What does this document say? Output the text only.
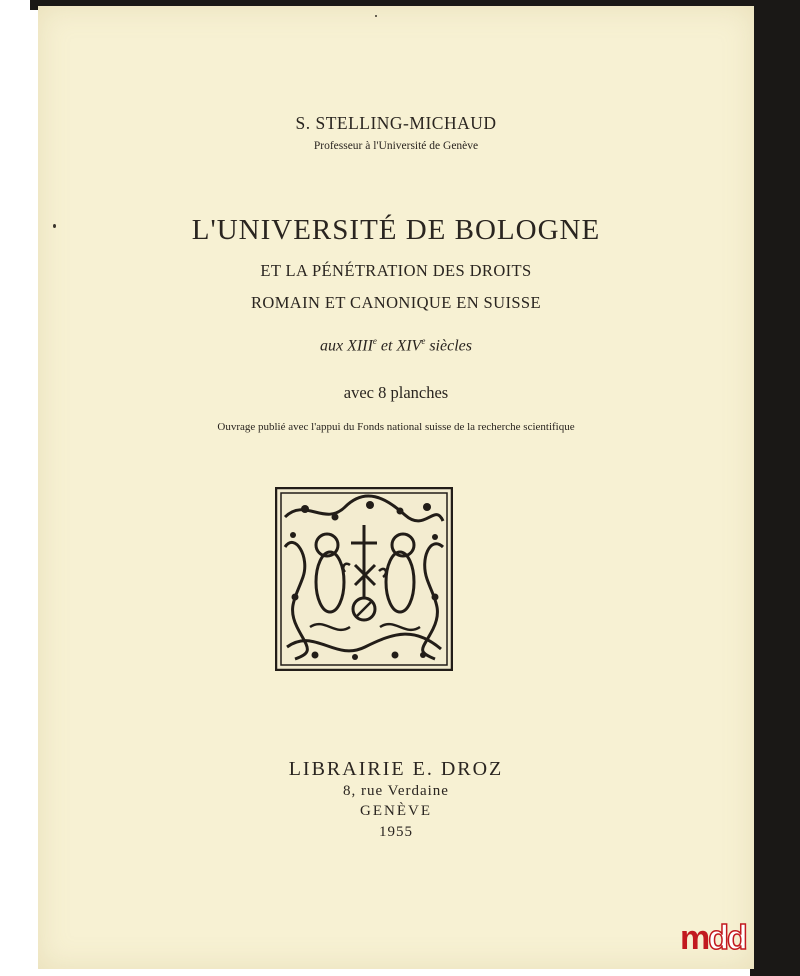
S. STELLING-MICHAUD
Professeur à l'Université de Genève
L'UNIVERSITÉ DE BOLOGNE
ET LA PÉNÉTRATION DES DROITS
ROMAIN ET CANONIQUE EN SUISSE
aux XIIIe et XIVe siècles
avec 8 planches
Ouvrage publié avec l'appui du Fonds national suisse de la recherche scientifique
LIBRAIRIE E. DROZ
8, rue Verdaine
GENÈVE
1955
mdd
